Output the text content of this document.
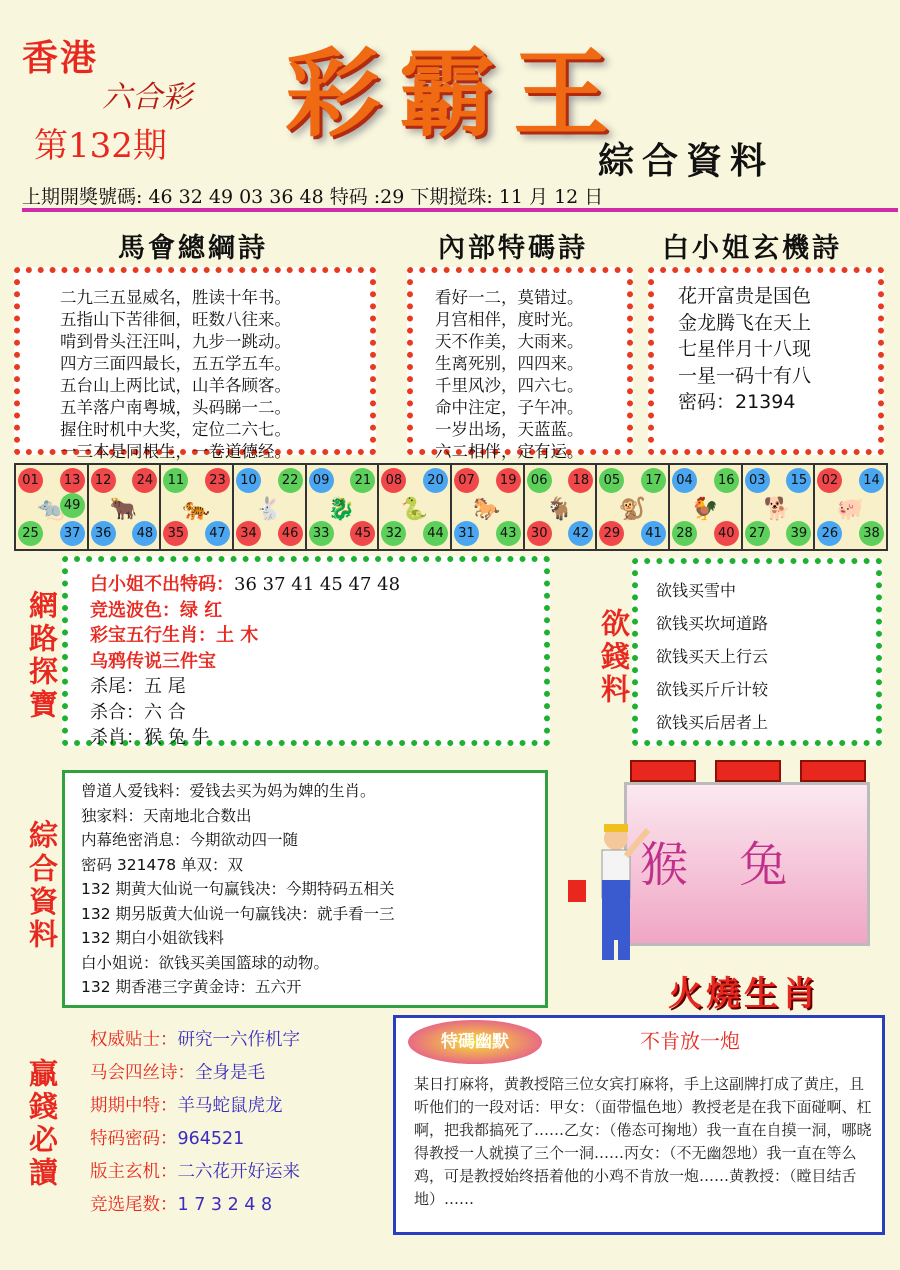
香港
六合彩
第132期 彩霸王
綜合資料
上期開獎號碼: 46 32 49 03 36 48 特码 :29 下期搅珠: 11 月 12 日
馬會總綱詩	內部特碼詩	白小姐玄機詩
二九三五显威名，胜读十年书。
五指山下苦徘徊，旺数八往来。
啃到骨头汪汪叫，九步一跳动。
四方三面四最长，五五学五车。
五台山上两比试，山羊各顾客。
五羊落户南粤城，头码睇一二。
握住时机中大奖，定位二六七。
一三本是同根生，一卷道德经。
看好一二，莫错过。
月宫相伴，度时光。
天不作美，大雨来。
生离死别，四四来。
千里风沙，四六七。
命中注定，子午冲。
一岁出场，天蓝蓝。
六二相伴，定有运。
花开富贵是国色
金龙腾飞在天上
七星伴月十八现
一星一码十有八
密码：21394
01	13
25	37
49
🐀
12	24
36	48
🐂
11	23
35	47
🐅
10	22
34	46
🐇
09	21
33	45
🐉
08	20
32	44
🐍
07	19
31	43
🐎
06	18
30	42
🐐
05	17
29	41
🐒
04	16
28	40
🐓
03	15
27	39
🐕
02	14
26	38
🐖
網路探寶
白小姐不出特码：36 37 41 45 47 48
竞选波色：绿 红
彩宝五行生肖：土 木
乌鸦传说三件宝
杀尾：五 尾
杀合：六 合
杀肖：猴 兔 牛
欲錢料
欲钱买雪中
欲钱买坎坷道路
欲钱买天上行云
欲钱买斤斤计较
欲钱买后居者上
綜合資料
曾道人爱钱料：爱钱去买为妈为婢的生肖。
独家料：天南地北合数出
内幕绝密消息：今期欲动四一随
密码 321478 单双：双
132 期黄大仙说一句赢钱决：今期特码五相关
132 期另版黄大仙说一句赢钱决：就手看一三
132 期白小姐欲钱料
白小姐说：欲钱买美国篮球的动物。
132 期香港三字黄金诗：五六开
猴 兔
火燒生肖
贏錢必讀
权威贴士：研究一六作机字
马会四丝诗：全身是毛
期期中特：羊马蛇鼠虎龙
特码密码：964521
版主玄机：二六花开好运来
竞选尾数：1 7 3 2 4 8
特碼幽默	不肯放一炮
某日打麻将，黄教授陪三位女宾打麻将，手上这副牌打成了黄庄，且听他们的一段对话：甲女：（面带愠色地）教授老是在我下面碰啊、杠啊，把我都搞死了……乙女：（倦态可掬地）我一直在自摸一洞，哪晓得教授一人就摸了三个一洞……丙女：（不无幽怨地）我一直在等么鸡，可是教授始终捂着他的小鸡不肯放一炮……黄教授：（瞠目结舌地）……
